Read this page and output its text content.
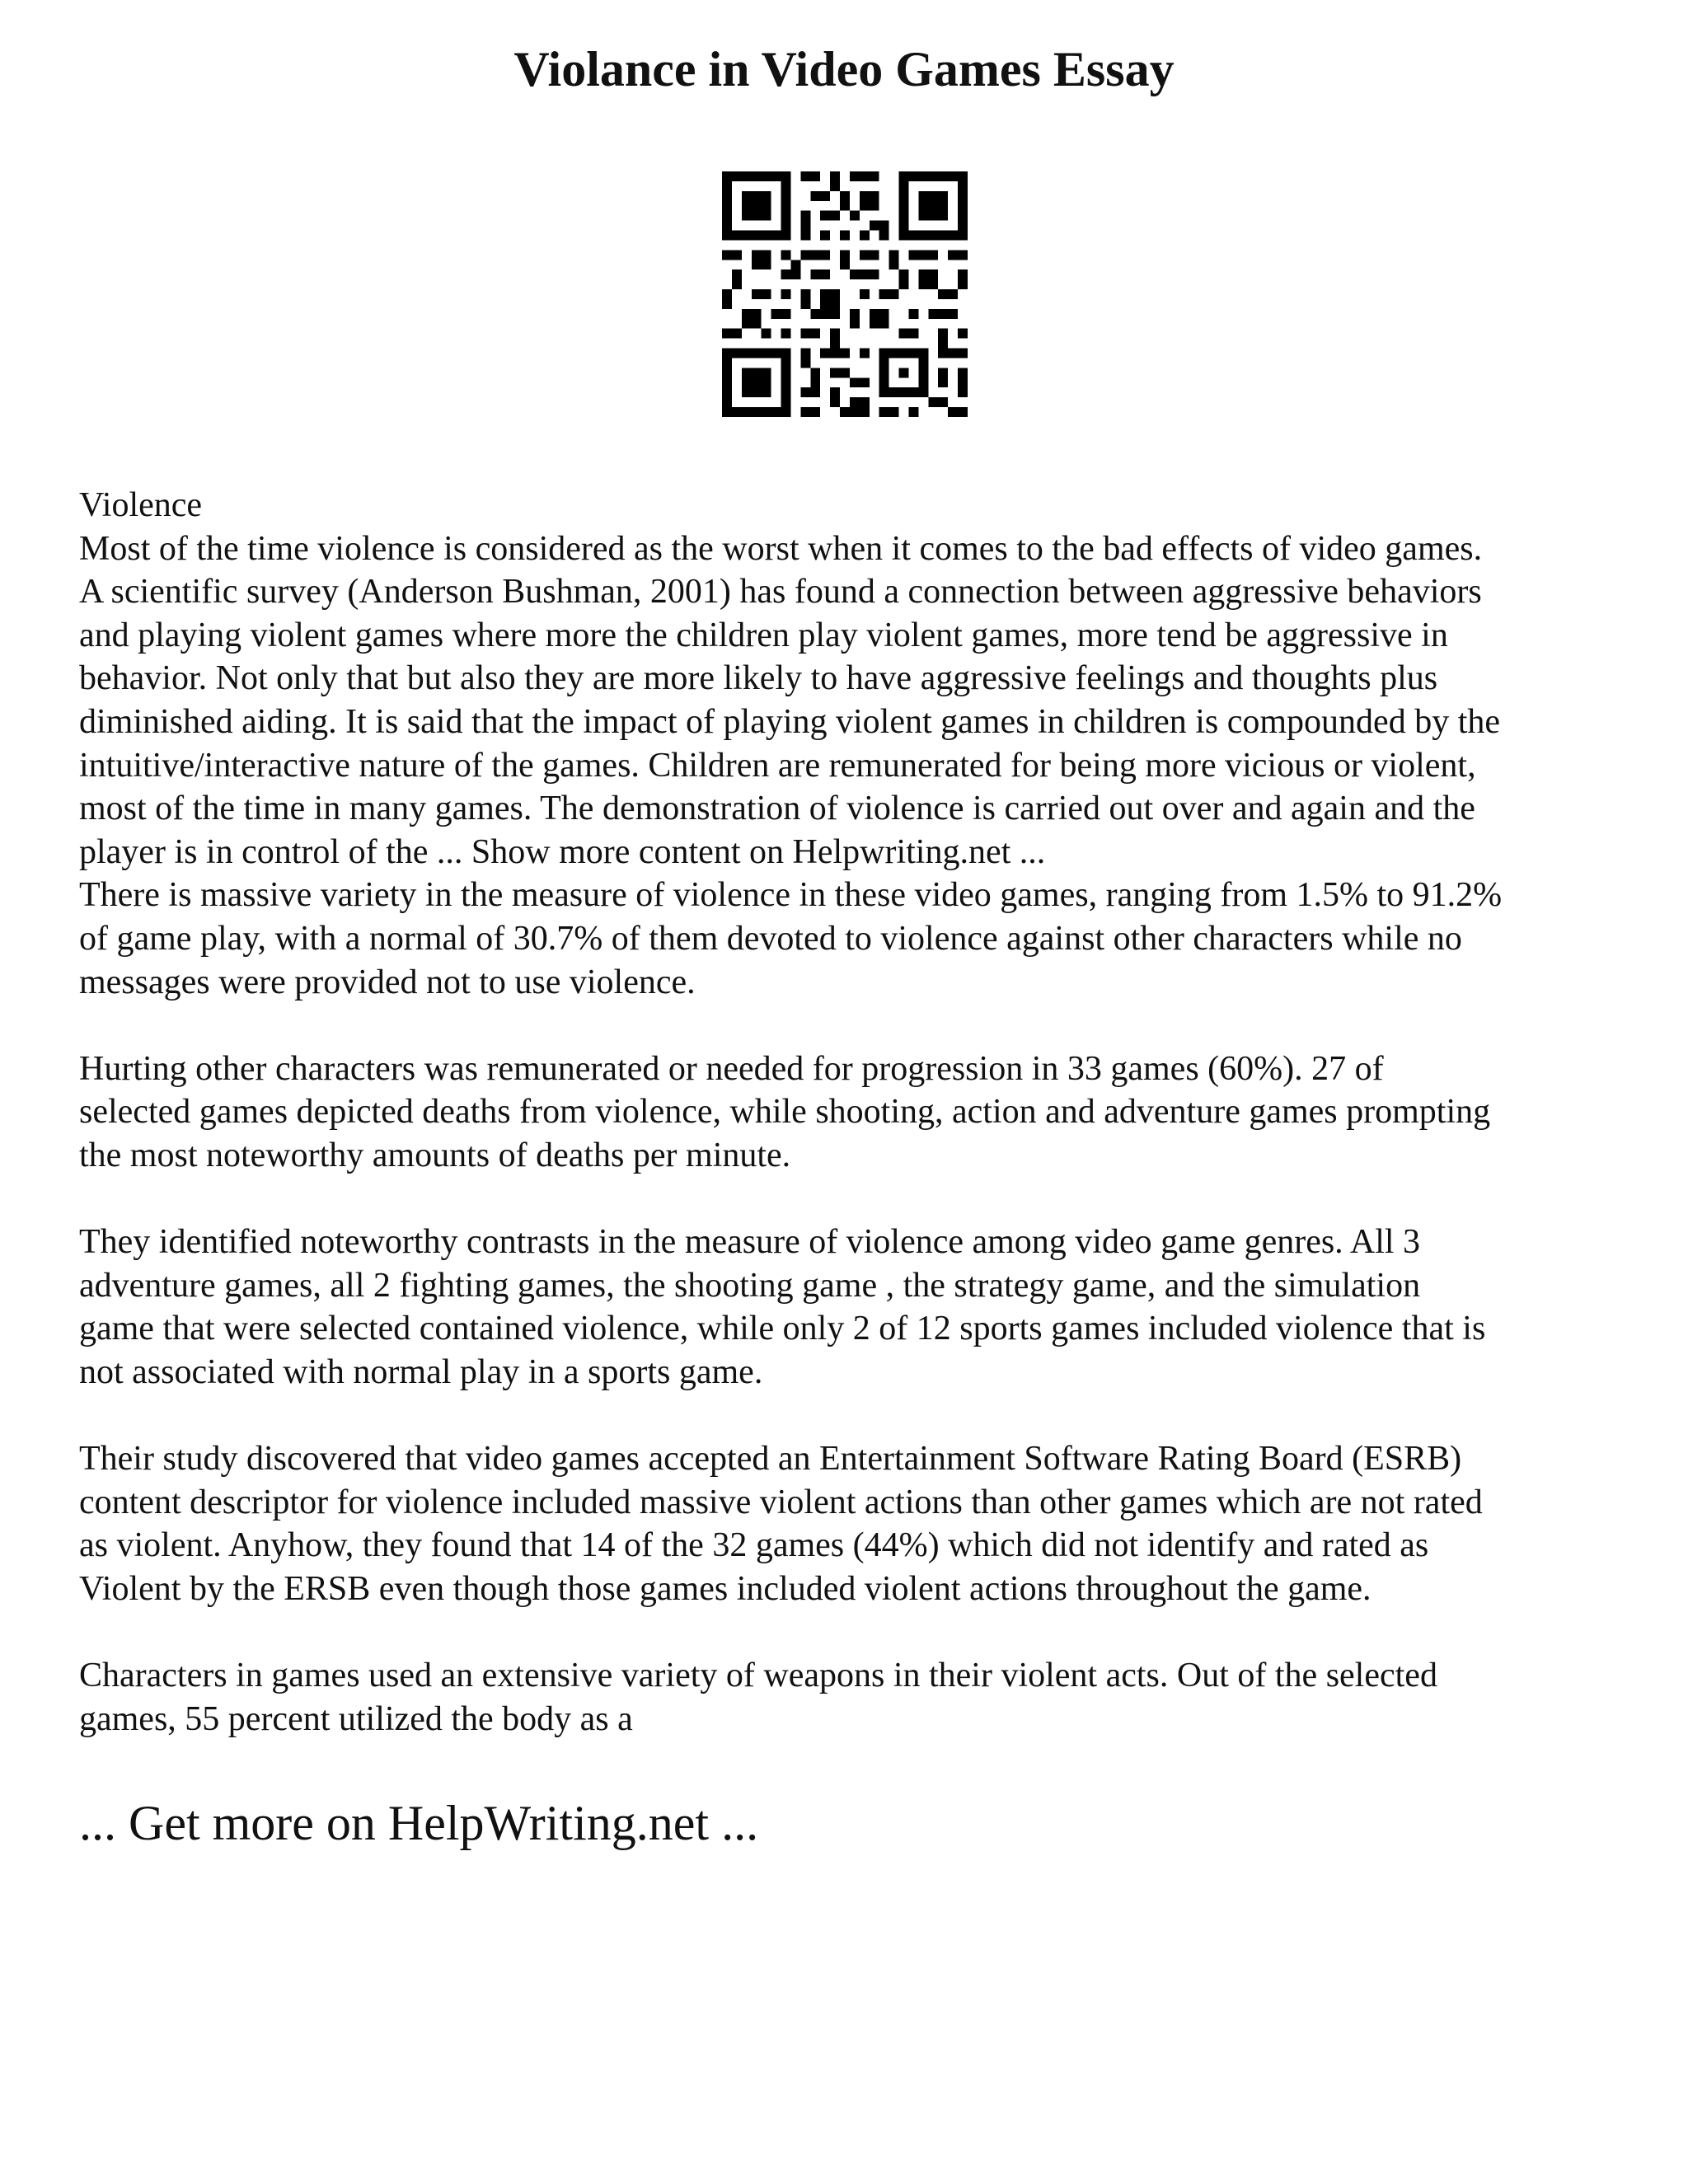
Violance in Video Games Essay

Violence
Most of the time violence is considered as the worst when it comes to the bad effects of video games.
A scientific survey (Anderson Bushman, 2001) has found a connection between aggressive behaviors
and playing violent games where more the children play violent games, more tend be aggressive in
behavior. Not only that but also they are more likely to have aggressive feelings and thoughts plus
diminished aiding. It is said that the impact of playing violent games in children is compounded by the
intuitive/interactive nature of the games. Children are remunerated for being more vicious or violent,
most of the time in many games. The demonstration of violence is carried out over and again and the
player is in control of the ... Show more content on Helpwriting.net ...
There is massive variety in the measure of violence in these video games, ranging from 1.5% to 91.2%
of game play, with a normal of 30.7% of them devoted to violence against other characters while no
messages were provided not to use violence.

Hurting other characters was remunerated or needed for progression in 33 games (60%). 27 of
selected games depicted deaths from violence, while shooting, action and adventure games prompting
the most noteworthy amounts of deaths per minute.

They identified noteworthy contrasts in the measure of violence among video game genres. All 3
adventure games, all 2 fighting games, the shooting game , the strategy game, and the simulation
game that were selected contained violence, while only 2 of 12 sports games included violence that is
not associated with normal play in a sports game.

Their study discovered that video games accepted an Entertainment Software Rating Board (ESRB)
content descriptor for violence included massive violent actions than other games which are not rated
as violent. Anyhow, they found that 14 of the 32 games (44%) which did not identify and rated as
Violent by the ERSB even though those games included violent actions throughout the game.

Characters in games used an extensive variety of weapons in their violent acts. Out of the selected
games, 55 percent utilized the body as a

... Get more on HelpWriting.net ...
